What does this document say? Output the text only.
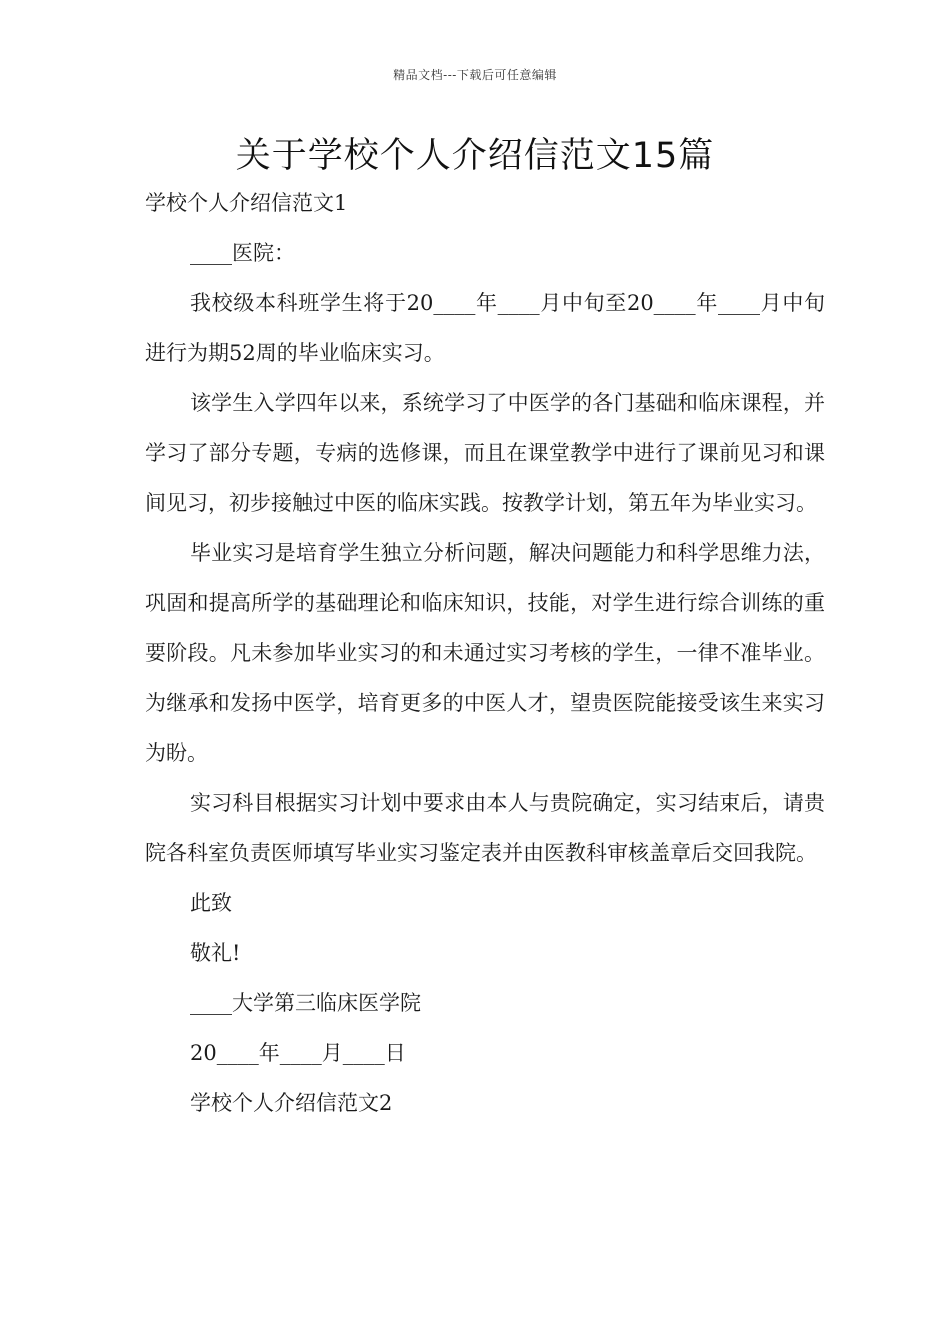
精品文档---下载后可任意编辑
关于学校个人介绍信范文15篇

学校个人介绍信范文1

____医院：

我校级本科班学生将于20____年____月中旬至20____年____月中旬进行为期52周的毕业临床实习。

该学生入学四年以来，系统学习了中医学的各门基础和临床课程，并学习了部分专题，专病的选修课，而且在课堂教学中进行了课前见习和课间见习，初步接触过中医的临床实践。按教学计划，第五年为毕业实习。

毕业实习是培育学生独立分析问题，解决问题能力和科学思维力法，巩固和提高所学的基础理论和临床知识，技能，对学生进行综合训练的重要阶段。凡未参加毕业实习的和未通过实习考核的学生，一律不准毕业。为继承和发扬中医学，培育更多的中医人才，望贵医院能接受该生来实习为盼。

实习科目根据实习计划中要求由本人与贵院确定，实习结束后，请贵院各科室负责医师填写毕业实习鉴定表并由医教科审核盖章后交回我院。

此致

敬礼!

____大学第三临床医学院

20____年____月____日

学校个人介绍信范文2
